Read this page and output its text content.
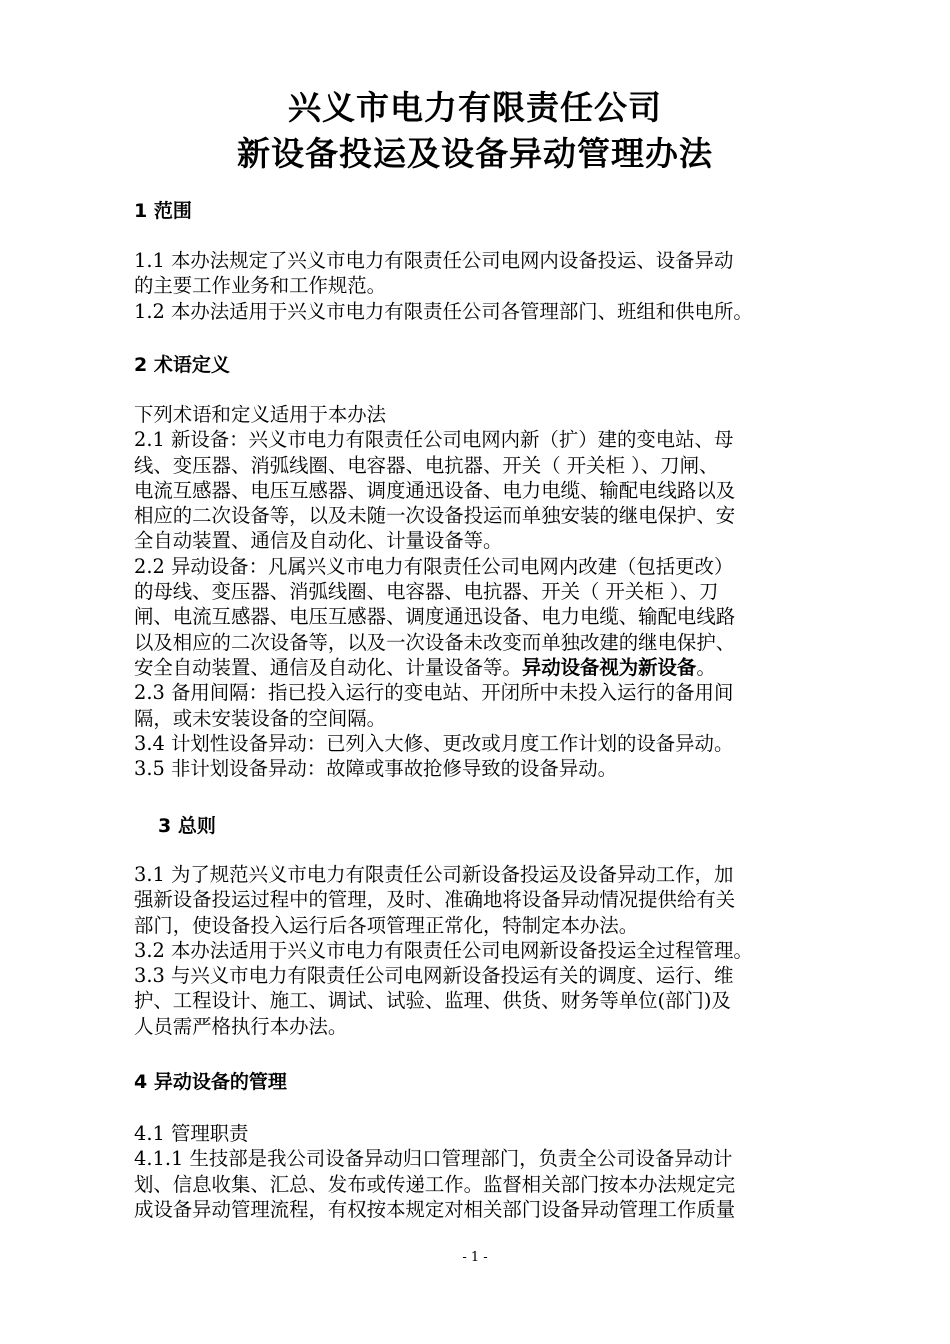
兴义市电力有限责任公司
新设备投运及设备异动管理办法
1 范围
1.1 本办法规定了兴义市电力有限责任公司电网内设备投运、设备异动
的主要工作业务和工作规范。
1.2 本办法适用于兴义市电力有限责任公司各管理部门、班组和供电所。
2 术语定义
下列术语和定义适用于本办法
2.1 新设备：兴义市电力有限责任公司电网内新（扩）建的变电站、母
线、变压器、消弧线圈、电容器、电抗器、开关（ 开关柜 ）、刀闸、
电流互感器、电压互感器、调度通迅设备、电力电缆、输配电线路以及
相应的二次设备等，以及未随一次设备投运而单独安装的继电保护、安
全自动装置、通信及自动化、计量设备等。
2.2 异动设备：凡属兴义市电力有限责任公司电网内改建（包括更改）
的母线、变压器、消弧线圈、电容器、电抗器、开关（ 开关柜 ）、刀
闸、电流互感器、电压互感器、调度通迅设备、电力电缆、输配电线路
以及相应的二次设备等，以及一次设备未改变而单独改建的继电保护、
安全自动装置、通信及自动化、计量设备等。异动设备视为新设备。
2.3 备用间隔：指已投入运行的变电站、开闭所中未投入运行的备用间
隔，或未安装设备的空间隔。
3.4 计划性设备异动：已列入大修、更改或月度工作计划的设备异动。
3.5 非计划设备异动：故障或事故抢修导致的设备异动。
3 总则
3.1 为了规范兴义市电力有限责任公司新设备投运及设备异动工作，加
强新设备投运过程中的管理，及时、准确地将设备异动情况提供给有关
部门，使设备投入运行后各项管理正常化，特制定本办法。
3.2 本办法适用于兴义市电力有限责任公司电网新设备投运全过程管理。
3.3 与兴义市电力有限责任公司电网新设备投运有关的调度、运行、维
护、工程设计、施工、调试、试验、监理、供货、财务等单位(部门)及
人员需严格执行本办法。
4 异动设备的管理
4.1 管理职责
4.1.1 生技部是我公司设备异动归口管理部门，负责全公司设备异动计
划、信息收集、汇总、发布或传递工作。监督相关部门按本办法规定完
成设备异动管理流程，有权按本规定对相关部门设备异动管理工作质量
- 1 -
